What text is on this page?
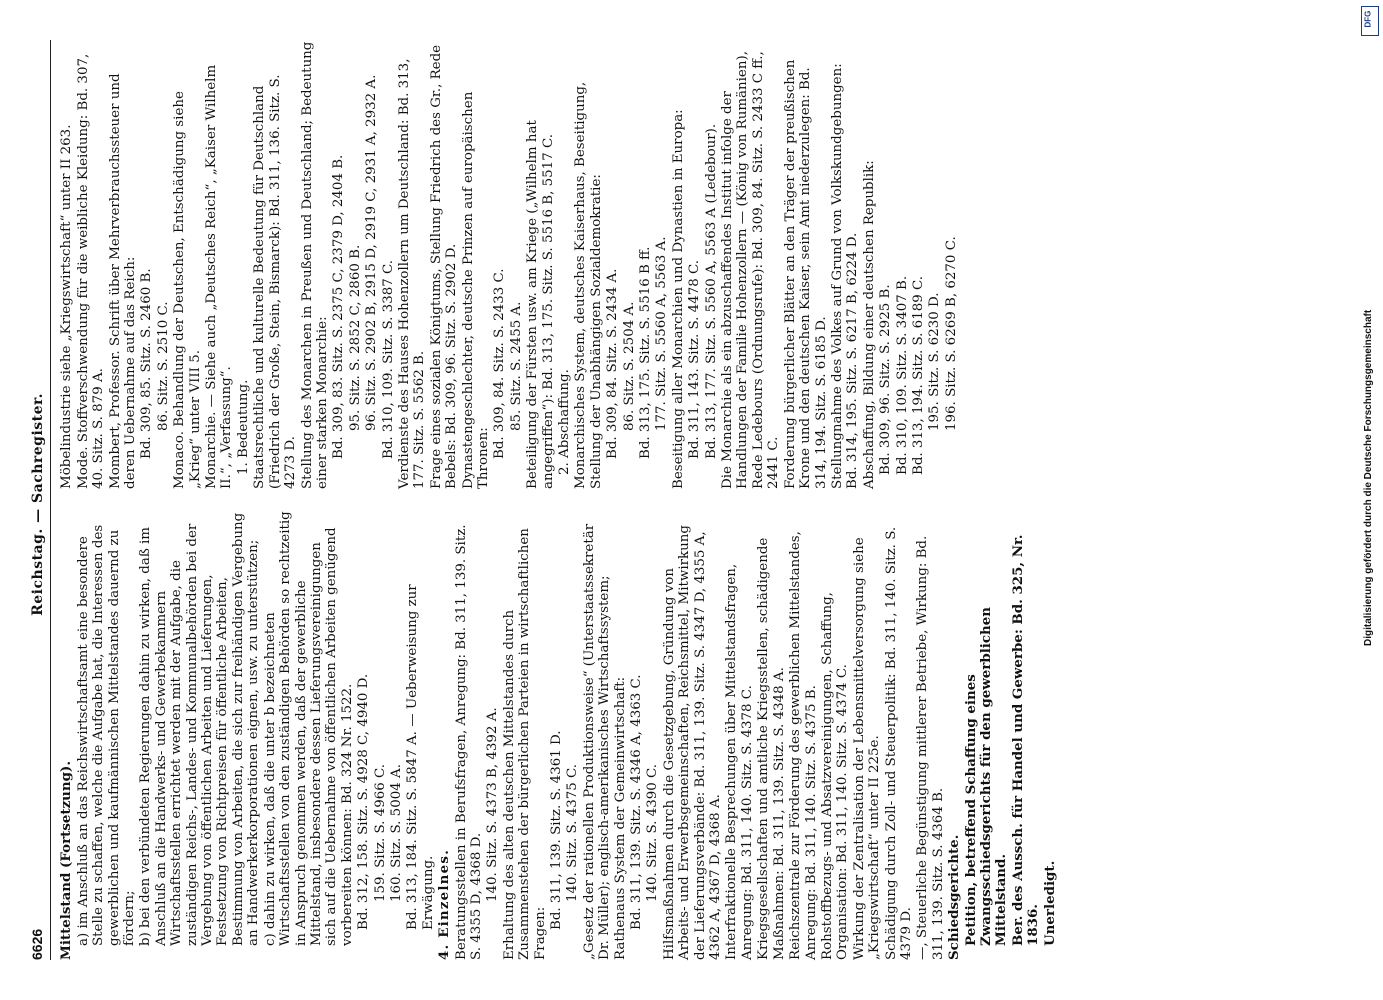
6626
Reichstag. — Sachregister.

Mittelstand (Fortsetzung). a) im Anschluß an das Reichswirtschaftsamt eine besondere Stelle zu schaffen, welche die Aufgabe hat, die Interessen des gewerblichen und kaufmännischen Mittelstandes dauernd zu fördern; b) bei den verbündeten Regierungen dahin zu wirken, daß im Anschluß an die Handwerks- und Gewerbekammern Wirtschaftsstellen errichtet werden mit der Aufgabe, die zuständigen Reichs-, Landes- und Kommunalbehörden bei der Vergebung von öffentlichen Arbeiten und Lieferungen, Festsetzung von Richtpreisen für öffentliche Arbeiten, Bestimmung von Arbeiten, die sich zur freihändigen Vergebung an Handwerkerkorporationen eignen, usw. zu unterstützen; c) dahin zu wirken, daß die unter b bezeichneten Wirtschaftsstellen von den zuständigen Behörden so rechtzeitig in Anspruch genommen werden, daß der gewerbliche Mittelstand, insbesondere dessen Lieferungsvereinigungen sich auf die Uebernahme von öffentlichen Arbeiten genügend vorbereiten können: Bd. 324 Nr. 1522. Bd. 312, 158. Sitz. S. 4928 C, 4940 D. 159. Sitz. S. 4966 C. 160. Sitz. S. 5004 A. Bd. 313, 184. Sitz. S. 5847 A. — Ueberweisung zur Erwägung. 4. Einzelnes. Beratungsstellen in Berufsfragen, Anregung: Bd. 311, 139. Sitz. S. 4355 D, 4368 D. 140. Sitz. S. 4373 B, 4392 A. Erhaltung des alten deutschen Mittelstandes durch Zusammenstehen der bürgerlichen Parteien in wirtschaftlichen Fragen:

Bd. 311, 139. Sitz. S. 4361 D. 140. Sitz. S. 4375 C. „Gesetz der rationellen Produktionsweise“ (Unterstaatssekretär Dr. Müller); englisch-amerikanisches Wirtschaftssystem; Rathenaus System der Gemeinwirtschaft: Bd. 311, 139. Sitz. S. 4346 A, 4363 C. 140. Sitz. S. 4390 C. Hilfsmaßnahmen durch die Gesetzgebung, Gründung von Arbeits- und Erwerbsgemeinschaften, Reichsmittel, Mitwirkung der Lieferungsverbände: Bd. 311, 139. Sitz. S. 4347 D, 4355 A, 4362 A, 4367 D, 4368 A. Interfraktionelle Besprechungen über Mittelstandsfragen, Anregung: Bd. 311, 140. Sitz. S. 4378 C. Kriegsgesellschaften und amtliche Kriegsstellen, schädigende Maßnahmen: Bd. 311, 139. Sitz. S. 4348 A. Reichszentrale zur Förderung des gewerblichen Mittelstandes, Anregung: Bd. 311, 140. Sitz. S. 4375 B. Rohstoffbezugs- und Absatzvereinigungen, Schaffung, Organisation: Bd. 311, 140. Sitz. S. 4374 C. Wirkung der Zentralisation der Lebensmittelversorgung siehe „Kriegswirtschaft“ unter II 225e. Schädigung durch Zoll- und Steuerpolitik: Bd. 311, 140. Sitz. S. 4379 D. —, Steuerliche Begünstigung mittlerer Betriebe, Wirkung: Bd. 311, 139. Sitz. S. 4364 B. Schiedsgerichte. Petition, betreffend Schaffung eines Zwangsschiedsgerichts für den gewerblichen Mittelstand. Ber. des Aussch. für Handel und Gewerbe: Bd. 325, Nr. 1836. Unerledigt.

Möbelindustrie siehe „Kriegswirtschaft“ unter II 263. Mode. Stoffverschwendung für die weibliche Kleidung: Bd. 307, 40. Sitz. S. 879 A. Mombert, Professor. Schrift über Mehrverbrauchssteuer und deren Uebernahme auf das Reich: Bd. 309, 85. Sitz. S. 2460 B. 86. Sitz. S. 2510 C. Monaco. Behandlung der Deutschen, Entschädigung siehe „Krieg“ unter VIII 5. Monarchie. — Siehe auch „Deutsches Reich“, „Kaiser Wilhelm II.“, „Verfassung“. 1. Bedeutung. Staatsrechtliche und kulturelle Bedeutung für Deutschland (Friedrich der Große, Stein, Bismarck): Bd. 311, 136. Sitz. S. 4273 D. Stellung des Monarchen in Preußen und Deutschland; Bedeutung einer starken Monarchie: Bd. 309, 83. Sitz. S. 2375 C, 2379 D, 2404 B. 95. Sitz. S. 2852 C, 2860 B. 96. Sitz. S. 2902 B, 2915 D, 2919 C, 2931 A, 2932 A. Bd. 310, 109. Sitz. S. 3387 C. Verdienste des Hauses Hohenzollern um Deutschland: Bd. 313, 177. Sitz. S. 5562 B. Frage eines sozialen Königtums, Stellung Friedrich des Gr., Rede Bebels: Bd. 309, 96. Sitz. S. 2902 D. Dynastengeschlechter, deutsche Prinzen auf europäischen Thronen: Bd. 309, 84. Sitz. S. 2433 C. 85. Sitz. S. 2455 A. Beteiligung der Fürsten usw. am Kriege („Wilhelm hat angegriffen“): Bd. 313, 175. Sitz. S. 5516 B, 5517 C. 2. Abschaffung. Monarchisches System, deutsches Kaiserhaus, Beseitigung, Stellung der Unabhängigen Sozialdemokratie: Bd. 309, 84. Sitz. S. 2434 A. 86. Sitz. S. 2504 A. Bd. 313, 175. Sitz. S. 5516 B ff. 177. Sitz. S. 5560 A, 5563 A. Beseitigung aller Monarchien und Dynastien in Europa: Bd. 311, 143. Sitz. S. 4478 C. Bd. 313, 177. Sitz. S. 5560 A, 5563 A (Ledebour). Die Monarchie als ein abzuschaffendes Institut infolge der Handlungen der Familie Hohenzollern — (König von Rumänien), Rede Ledebours (Ordnungsrufe): Bd. 309, 84. Sitz. S. 2433 C ff., 2441 C. Forderung bürgerlicher Blätter an den Träger der preußischen Krone und den deutschen Kaiser, sein Amt niederzulegen: Bd. 314, 194. Sitz. S. 6185 D. Stellungnahme des Volkes auf Grund von Volkskundgebungen: Bd. 314, 195. Sitz. S. 6217 B, 6224 D. Abschaffung, Bildung einer deutschen Republik: Bd. 309, 96. Sitz. S. 2925 B. Bd. 310, 109. Sitz. S. 3407 B. Bd. 313, 194. Sitz. S. 6189 C. 195. Sitz. S. 6230 D. 196. Sitz. S. 6269 B, 6270 C.

DFG
Digitalisierung gefördert durch die Deutsche Forschungsgemeinschaft
